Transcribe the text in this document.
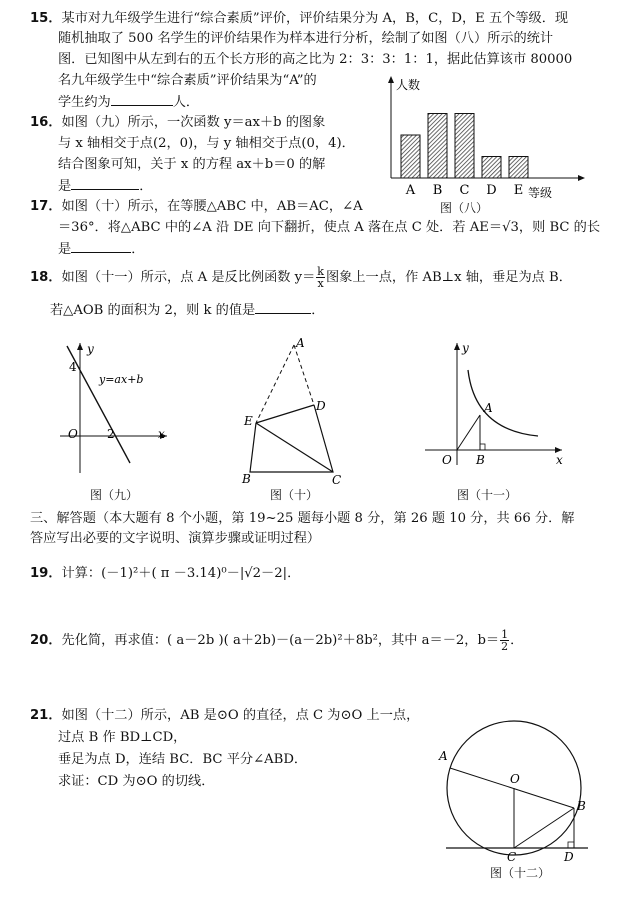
15．某市对九年级学生进行“综合素质”评价，评价结果分为 A，B，C，D，E 五个等级．现
随机抽取了 500 名学生的评价结果作为样本进行分析，绘制了如图（八）所示的统计
图．已知图中从左到右的五个长方形的高之比为 2：3：3：1：1，据此估算该市 80000
名九年级学生中“综合素质”评价结果为“A”的
学生约为	人．
16．如图（九）所示，一次函数 y＝ax＋b 的图象
与 x 轴相交于点(2，0)，与 y 轴相交于点(0，4)．
结合图象可知，关于 x 的方程 ax＋b＝0 的解
是	．	A B C D E
人数
等级
图（八）
17．如图（十）所示，在等腰△ABC 中，AB＝AC，∠A
＝36°．将△ABC 中的∠A 沿 DE 向下翻折，使点 A 落在点 C 处．若 AE＝√3，则 BC 的长
是	．
18．如图（十一）所示，点 A 是反比例函数 $y= \frac{k}{x}$ 图象上一点，作 AB⊥x 轴，垂足为点 B．
若△AOB 的面积为 2，则 k 的值是	．
y
x
O
4
2
y=ax+b
图（九）
A
E
D
B	C
图（十）
y
x
O
A
B
图（十一）
三、解答题（本大题有 8 个小题，第 19~25 题每小题 8 分，第 26 题 10 分，共 66 分．解
答应写出必要的文字说明、演算步骤或证明过程）
19．计算：(－1)²＋( π －3.14)⁰－|√2－2|．
20．先化简，再求值：( a－2b )( a＋2b)－(a－2b)²＋8b²，其中 a＝－2，$b= \frac{1}{2}$ ．
21．如图（十二）所示，AB 是⊙O 的直径，点 C 为⊙O 上一点，
过点 B 作 BD⊥CD，
垂足为点 D，连结 BC．BC 平分∠ABD．
求证：CD 为⊙O 的切线．
A
O
B
C	D
图（十二）
